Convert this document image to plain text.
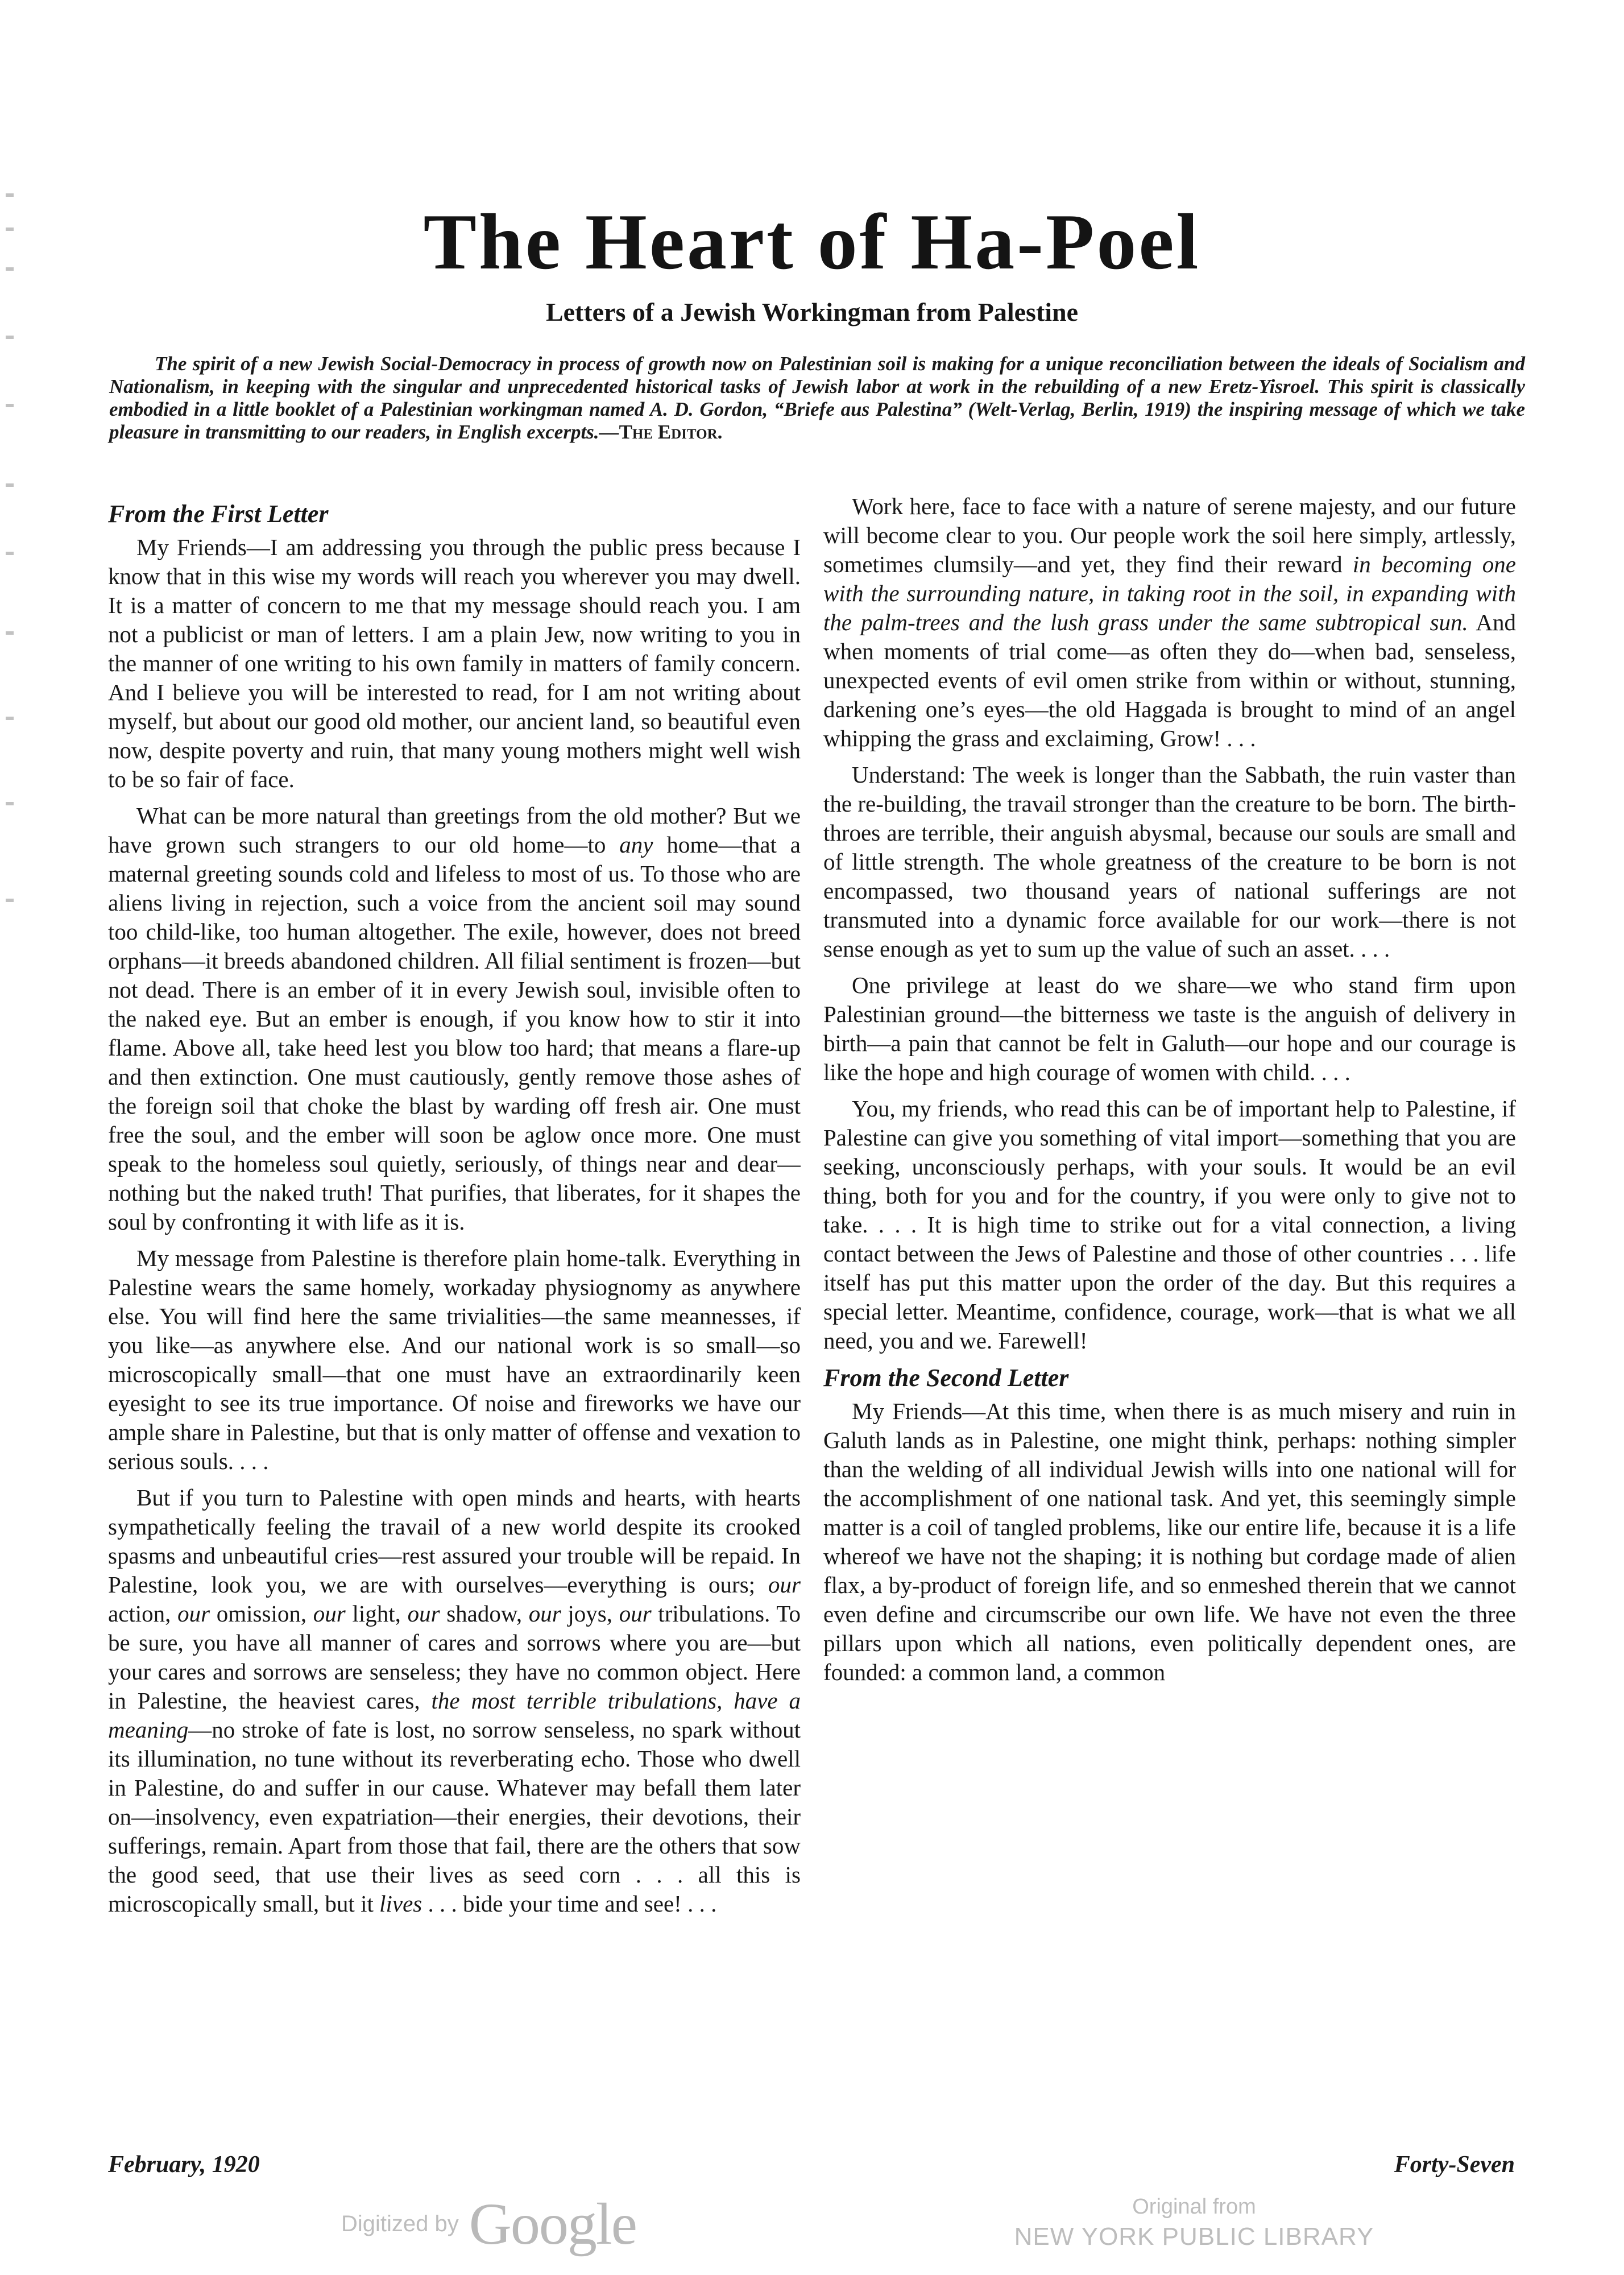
The Heart of Ha-Poel
Letters of a Jewish Workingman from Palestine

The spirit of a new Jewish Social-Democracy in process of growth now on Palestinian soil is making for a unique reconciliation between the ideals of Socialism and Nationalism, in keeping with the singular and unprecedented historical tasks of Jewish labor at work in the rebuilding of a new Eretz-Yisroel. This spirit is classically embodied in a little booklet of a Palestinian workingman named A. D. Gordon, “Briefe aus Palestina” (Welt-Verlag, Berlin, 1919) the inspiring message of which we take pleasure in transmitting to our readers, in English excerpts.—The Editor.

From the First Letter

My Friends—I am addressing you through the public press because I know that in this wise my words will reach you wherever you may dwell. It is a matter of concern to me that my message should reach you. I am not a publicist or man of letters. I am a plain Jew, now writing to you in the manner of one writing to his own family in matters of family concern. And I believe you will be interested to read, for I am not writing about myself, but about our good old mother, our ancient land, so beautiful even now, despite poverty and ruin, that many young mothers might well wish to be so fair of face.

What can be more natural than greetings from the old mother? But we have grown such strangers to our old home—to any home—that a maternal greeting sounds cold and lifeless to most of us. To those who are aliens living in rejection, such a voice from the ancient soil may sound too child-like, too human altogether. The exile, however, does not breed orphans—it breeds abandoned children. All filial sentiment is frozen—but not dead. There is an ember of it in every Jewish soul, invisible often to the naked eye. But an ember is enough, if you know how to stir it into flame. Above all, take heed lest you blow too hard; that means a flare-up and then extinction. One must cautiously, gently remove those ashes of the foreign soil that choke the blast by warding off fresh air. One must free the soul, and the ember will soon be aglow once more. One must speak to the homeless soul quietly, seriously, of things near and dear—nothing but the naked truth! That purifies, that liberates, for it shapes the soul by confronting it with life as it is.

My message from Palestine is therefore plain home-talk. Everything in Palestine wears the same homely, workaday physiognomy as anywhere else. You will find here the same trivialities—the same meannesses, if you like—as anywhere else. And our national work is so small—so microscopically small—that one must have an extraordinarily keen eyesight to see its true importance. Of noise and fireworks we have our ample share in Palestine, but that is only matter of offense and vexation to serious souls. . . .

But if you turn to Palestine with open minds and hearts, with hearts sympathetically feeling the travail of a new world despite its crooked spasms and unbeautiful cries—rest assured your trouble will be repaid. In Palestine, look you, we are with ourselves—everything is ours; our action, our omission, our light, our shadow, our joys, our tribulations. To be sure, you have all manner of cares and sorrows where you are—but your cares and sorrows are senseless; they have no common object. Here in Palestine, the heaviest cares, the most terrible tribulations, have a meaning—no stroke of fate is lost, no sorrow senseless, no spark without its illumination, no tune without its reverberating echo. Those who dwell in Palestine, do and suffer in our cause. Whatever may befall them later on—insolvency, even expatriation—their energies, their devotions, their sufferings, remain. Apart from those that fail, there are the others that sow the good seed, that use their lives as seed corn . . . all this is microscopically small, but it lives . . . bide your time and see! . . .

Work here, face to face with a nature of serene majesty, and our future will become clear to you. Our people work the soil here simply, artlessly, sometimes clumsily—and yet, they find their reward in becoming one with the surrounding nature, in taking root in the soil, in expanding with the palm-trees and the lush grass under the same subtropical sun. And when moments of trial come—as often they do—when bad, senseless, unexpected events of evil omen strike from within or without, stunning, darkening one’s eyes—the old Haggada is brought to mind of an angel whipping the grass and exclaiming, Grow! . . .

Understand: The week is longer than the Sabbath, the ruin vaster than the re-building, the travail stronger than the creature to be born. The birth-throes are terrible, their anguish abysmal, because our souls are small and of little strength. The whole greatness of the creature to be born is not encompassed, two thousand years of national sufferings are not transmuted into a dynamic force available for our work—there is not sense enough as yet to sum up the value of such an asset. . . .

One privilege at least do we share—we who stand firm upon Palestinian ground—the bitterness we taste is the anguish of delivery in birth—a pain that cannot be felt in Galuth—our hope and our courage is like the hope and high courage of women with child. . . .

You, my friends, who read this can be of important help to Palestine, if Palestine can give you something of vital import—something that you are seeking, unconsciously perhaps, with your souls. It would be an evil thing, both for you and for the country, if you were only to give not to take. . . . It is high time to strike out for a vital connection, a living contact between the Jews of Palestine and those of other countries . . . life itself has put this matter upon the order of the day. But this requires a special letter. Meantime, confidence, courage, work—that is what we all need, you and we. Farewell!

From the Second Letter

My Friends—At this time, when there is as much misery and ruin in Galuth lands as in Palestine, one might think, perhaps: nothing simpler than the welding of all individual Jewish wills into one national will for the accomplishment of one national task. And yet, this seemingly simple matter is a coil of tangled problems, like our entire life, because it is a life whereof we have not the shaping; it is nothing but cordage made of alien flax, a by-product of foreign life, and so enmeshed therein that we cannot even define and circumscribe our own life. We have not even the three pillars upon which all nations, even politically dependent ones, are founded: a common land, a common

February, 1920	Forty-Seven
Digitized by Google	Original from
NEW YORK PUBLIC LIBRARY
